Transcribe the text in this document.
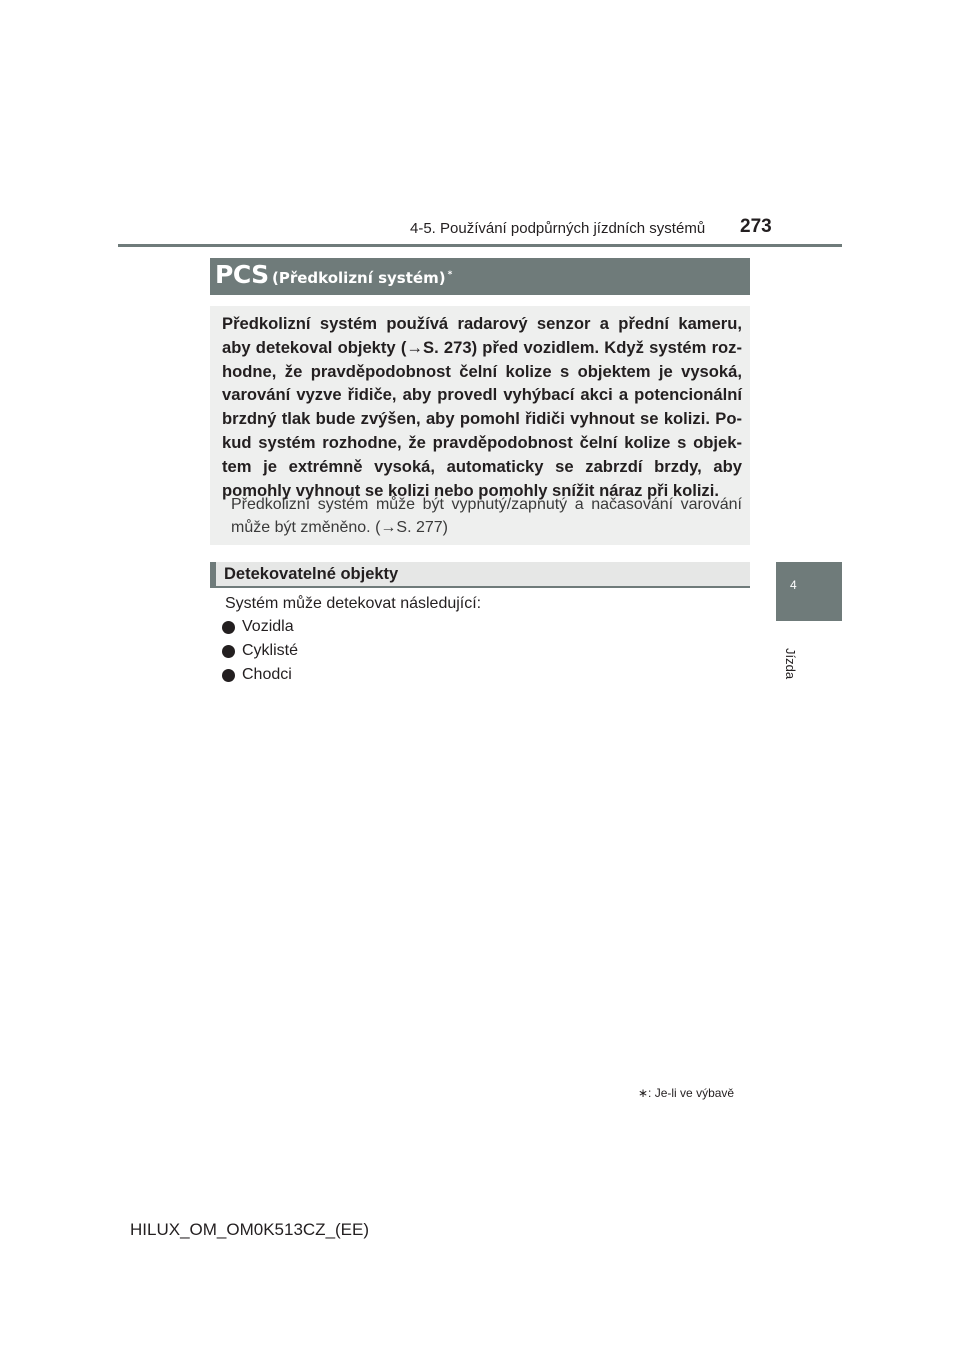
4-5. Používání podpůrných jízdních systémů 273
4
Jízda
PCS (Předkolizní systém) *
Předkolizní systém používá radarový senzor a přední kameru,
aby detekoval objekty (→S. 273) před vozidlem. Když systém roz-
hodne, že pravděpodobnost čelní kolize s objektem je vysoká,
varování vyzve řidiče, aby provedl vyhýbací akci a potencionální
brzdný tlak bude zvýšen, aby pomohl řidiči vyhnout se kolizi. Po-
kud systém rozhodne, že pravděpodobnost čelní kolize s objek-
tem je extrémně vysoká, automaticky se zabrzdí brzdy, aby
pomohly vyhnout se kolizi nebo pomohly snížit náraz při kolizi.
Předkolizní systém může být vypnutý/zapnutý a načasování varování může být změněno. (→S. 277)
Detekovatelné objekty
Systém může detekovat následující:
Vozidla
Cyklisté
Chodci
∗: Je-li ve výbavě
HILUX_OM_OM0K513CZ_(EE)
